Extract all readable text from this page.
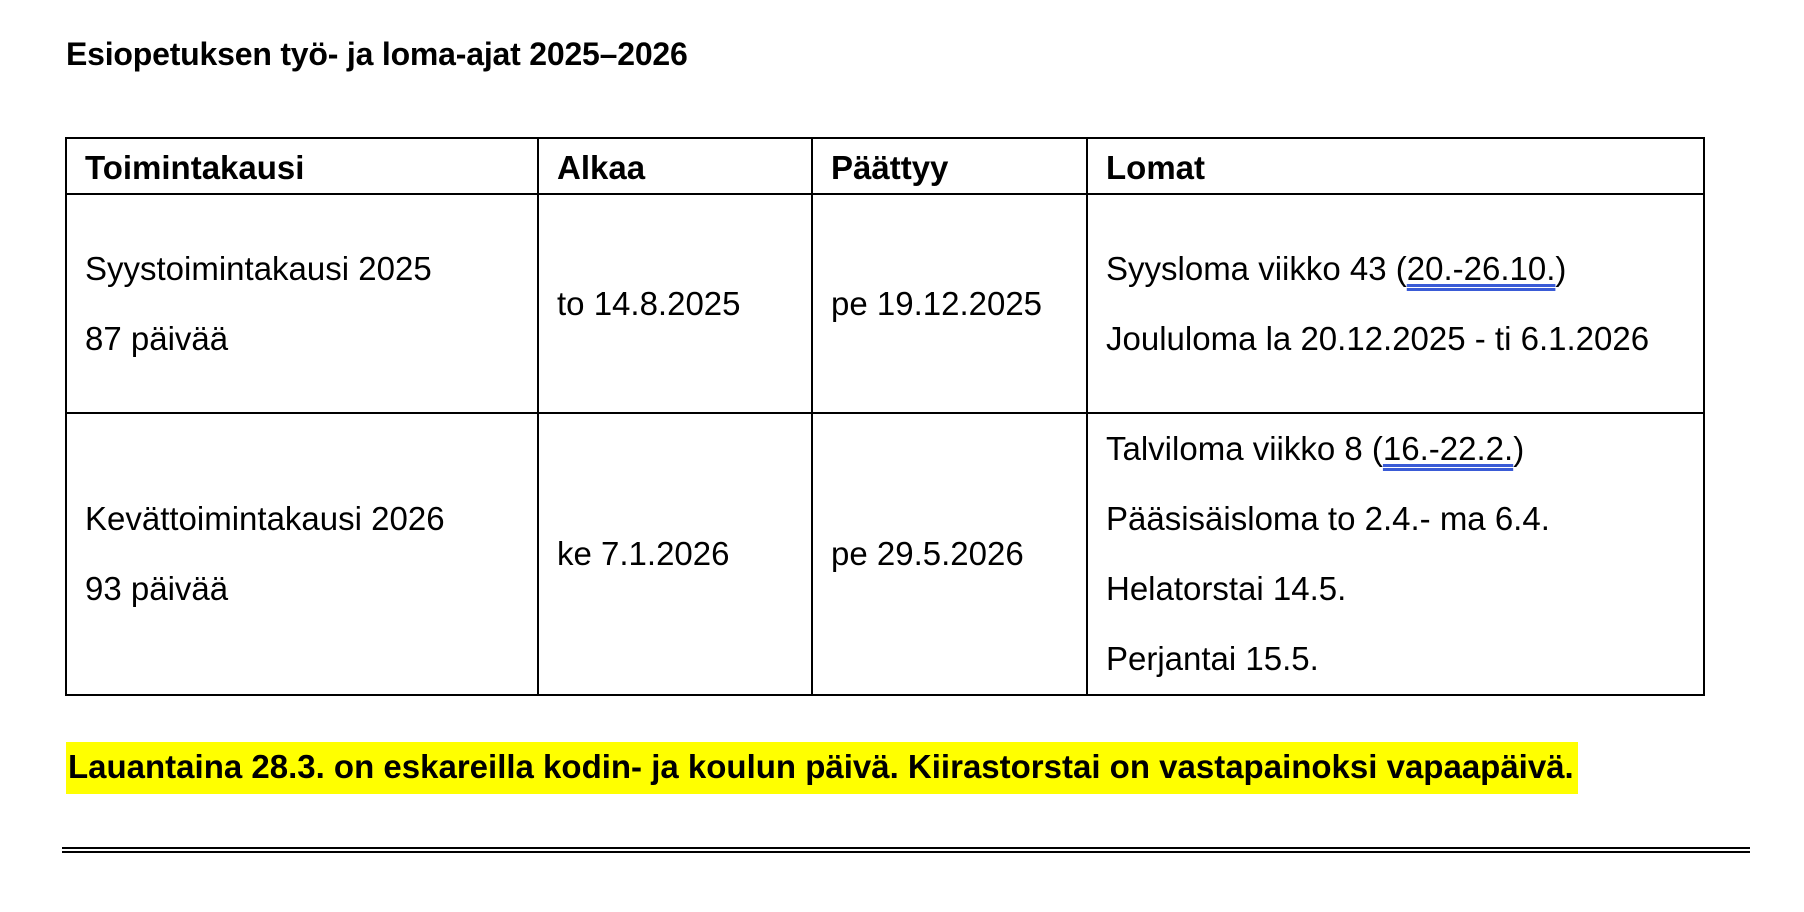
Esiopetuksen työ- ja loma-ajat 2025–2026
Toimintakausi	Alkaa	Päättyy	Lomat

Syystoimintakausi 2025
87 päivää	to 14.8.2025	pe 19.12.2025	Syysloma viikko 43 (20.-26.10.)
Joululoma la 20.12.2025 - ti 6.1.2026

Kevättoimintakausi 2026
93 päivää	ke 7.1.2026	pe 29.5.2026	Talviloma viikko 8 (16.-22.2.)
Pääsisäisloma to 2.4.- ma 6.4.
Helatorstai 14.5.
Perjantai 15.5.
Lauantaina 28.3. on eskareilla kodin- ja koulun päivä. Kiirastorstai on vastapainoksi vapaapäivä.
